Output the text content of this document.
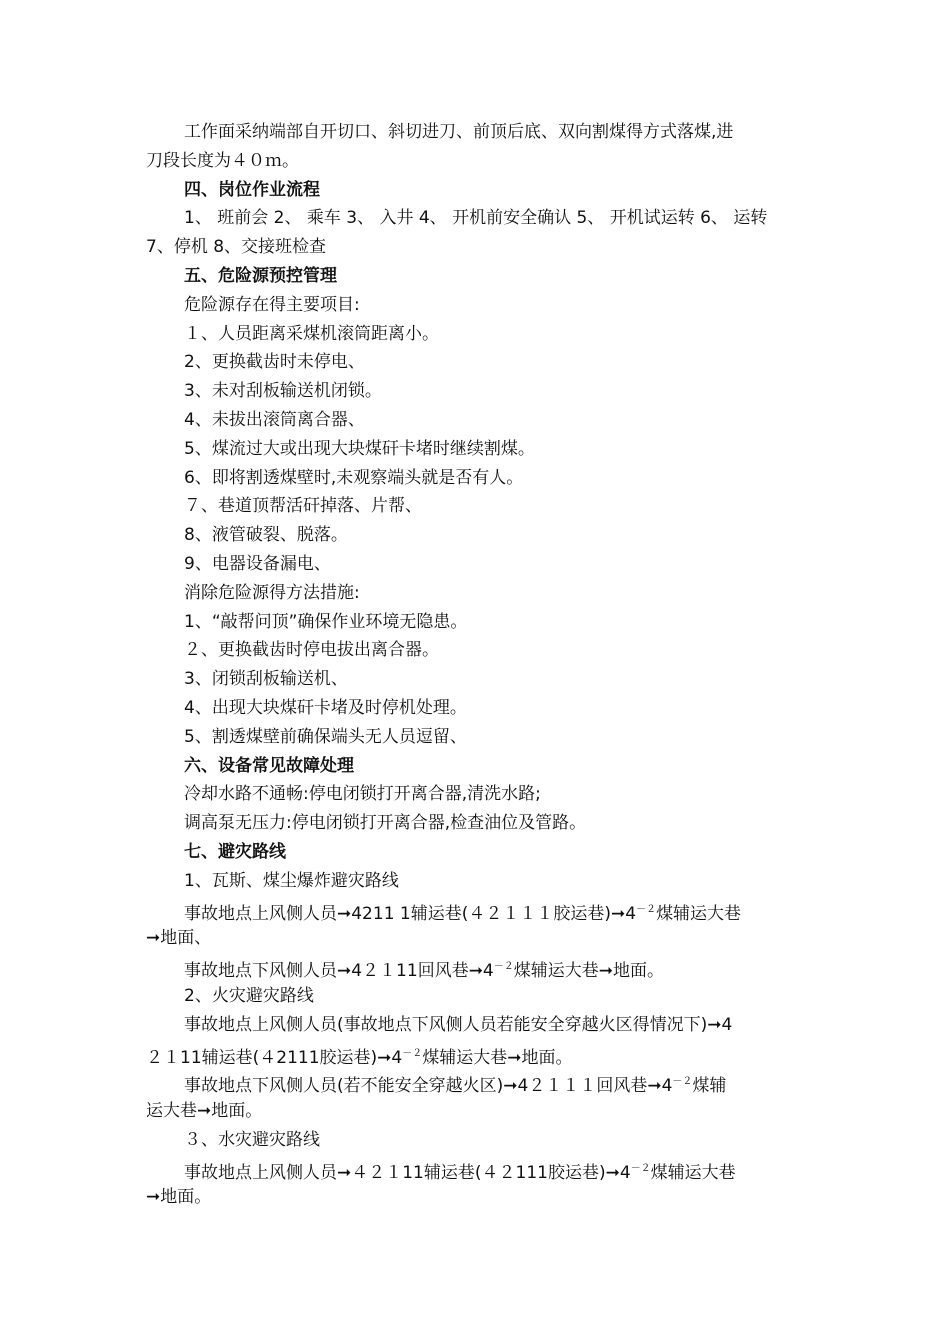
工作面采纳端部自开切口、斜切进刀、前顶后底、双向割煤得方式落煤,进
刀段长度为４０ｍ。
四、岗位作业流程
1、 班前会 2、 乘车 3、 入井 4、 开机前安全确认 5、 开机试运转 6、 运转
7、停机 8、交接班检查
五、危险源预控管理
危险源存在得主要项目:
１、人员距离采煤机滚筒距离小。
2、更换截齿时未停电、
3、未对刮板输送机闭锁。
4、未拔出滚筒离合器、
5、煤流过大或出现大块煤矸卡堵时继续割煤。
6、即将割透煤壁时,未观察端头就是否有人。
７、巷道顶帮活矸掉落、片帮、
8、液管破裂、脱落。
9、电器设备漏电、
消除危险源得方法措施:
1、“敲帮问顶”确保作业环境无隐患。
２、更换截齿时停电拔出离合器。
3、闭锁刮板输送机、
4、出现大块煤矸卡堵及时停机处理。
5、割透煤壁前确保端头无人员逗留、
六、设备常见故障处理
冷却水路不通畅:停电闭锁打开离合器,清洗水路;
调高泵无压力:停电闭锁打开离合器,检查油位及管路。
七、避灾路线
1、瓦斯、煤尘爆炸避灾路线
事故地点上风侧人员➞4211 1辅运巷(４２１１１胶运巷)$➞4^{-2}$煤辅运大巷
➞地面、
事故地点下风侧人员➞4２１11回风巷$➞4^{-2}$煤辅运大巷➞地面。
2、火灾避灾路线
事故地点上风侧人员(事故地点下风侧人员若能安全穿越火区得情况下)➞4
２１11辅运巷(４2111胶运巷)$➞4^{-2}$煤辅运大巷➞地面。
事故地点下风侧人员(若不能安全穿越火区)➞4２１１１回风巷$➞4^{-2}$煤辅
运大巷➞地面。
３、水灾避灾路线
事故地点上风侧人员➞４２１11辅运巷(４２111胶运巷)$➞4^{-2}$煤辅运大巷
➞地面。
